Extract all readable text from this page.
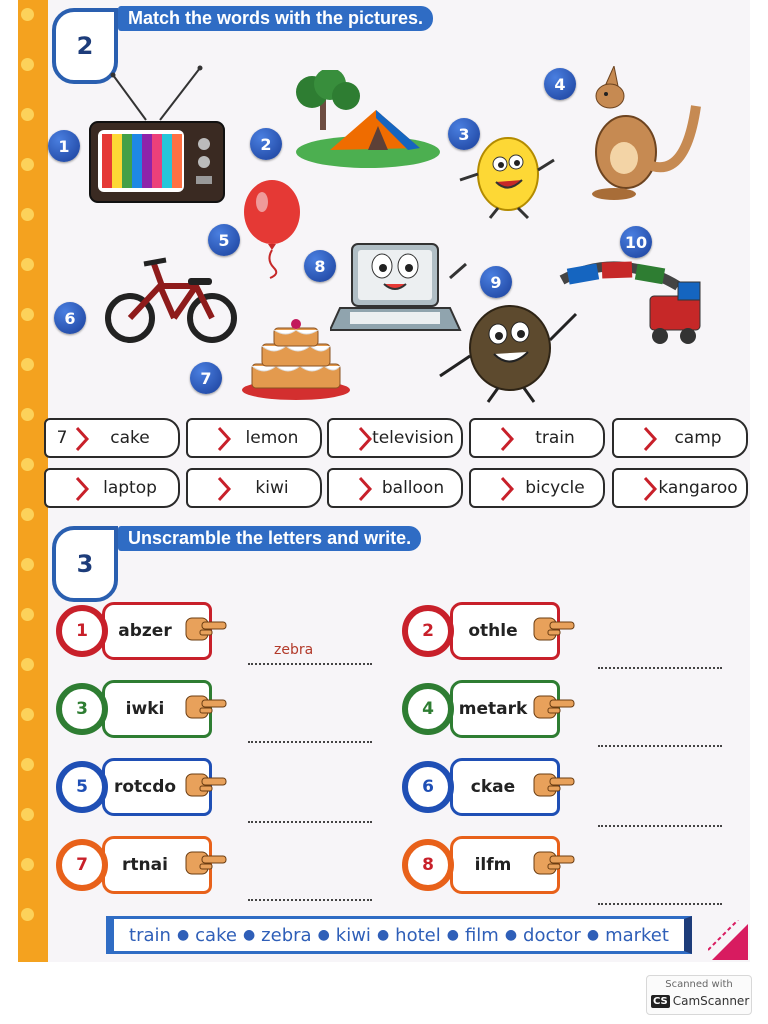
2
Match the words with the pictures.
1	2
3
4
5
8
9
10
6
7
7	cake	lemon	television	train	camp
laptop	kiwi	balloon	bicycle	kangaroo
3
Unscramble the letters and write.
abzer
1
zebra
iwki
3
rotcdo
5
rtnai
7
othle
2
metark
4
ckae
6
ilfm
8
train ● cake ● zebra ● kiwi ● hotel ● film ● doctor ● market
Scanned with
CS CamScanner
